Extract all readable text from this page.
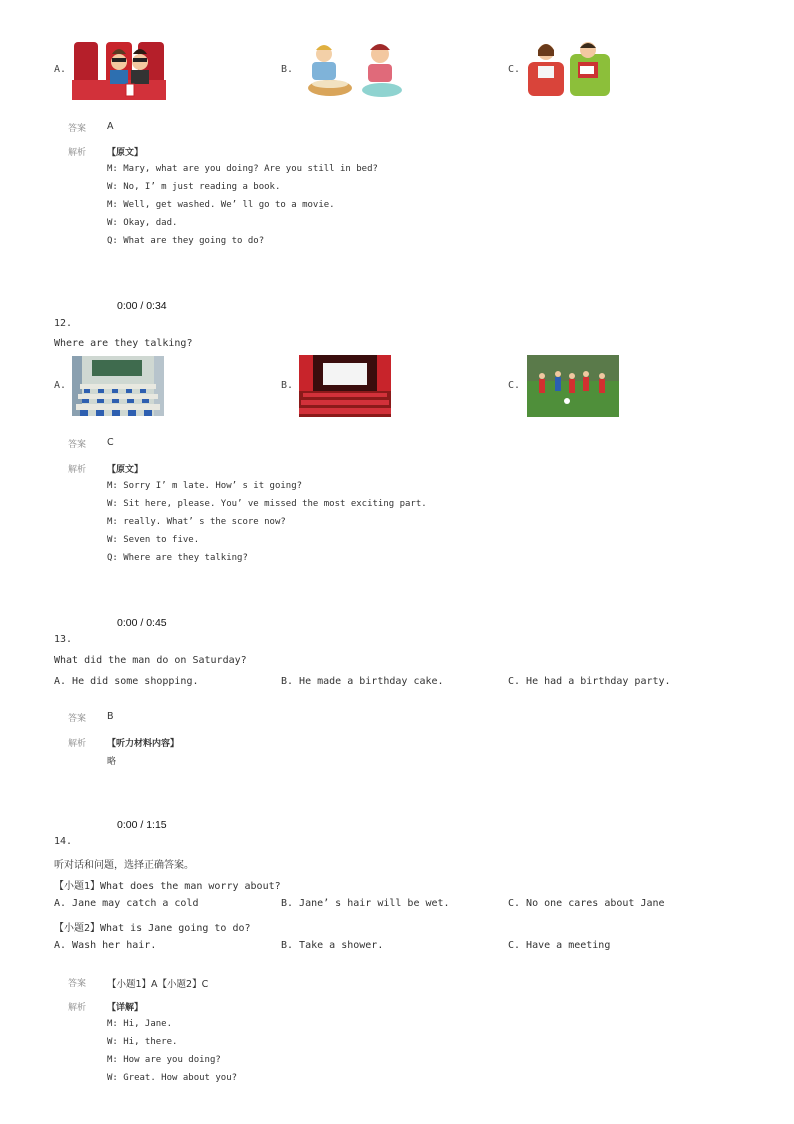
A.	B.	C.
答案 A
解析 【原文】
M: Mary, what are you doing? Are you still in bed?
W: No, I’ m just reading a book.
M: Well, get washed. We’ ll go to a movie.
W: Okay, dad.
Q: What are they going to do?
0:00 / 0:34
12.
Where are they talking?
A.	B.	C.
答案 C
解析 【原文】
M: Sorry I’ m late. How’ s it going?
W: Sit here, please. You’ ve missed the most exciting part.
M: really. What’ s the score now?
W: Seven to five.
Q: Where are they talking?
0:00 / 0:45
13.
What did the man do on Saturday?
A. He did some shopping.	B. He made a birthday cake.	C. He had a birthday party.
答案 B
解析 【听力材料内容】
略
0:00 / 1:15
14.
听对话和问题，选择正确答案。
【小题1】What does the man worry about?
A. Jane may catch a cold	B. Jane’ s hair will be wet.	C. No one cares about Jane
【小题2】What is Jane going to do?
A. Wash her hair.	B. Take a shower.	C. Have a meeting
答案 【小题1】A【小题2】C
解析 【详解】
M: Hi, Jane.
W: Hi, there.
M: How are you doing?
W: Great. How about you?
